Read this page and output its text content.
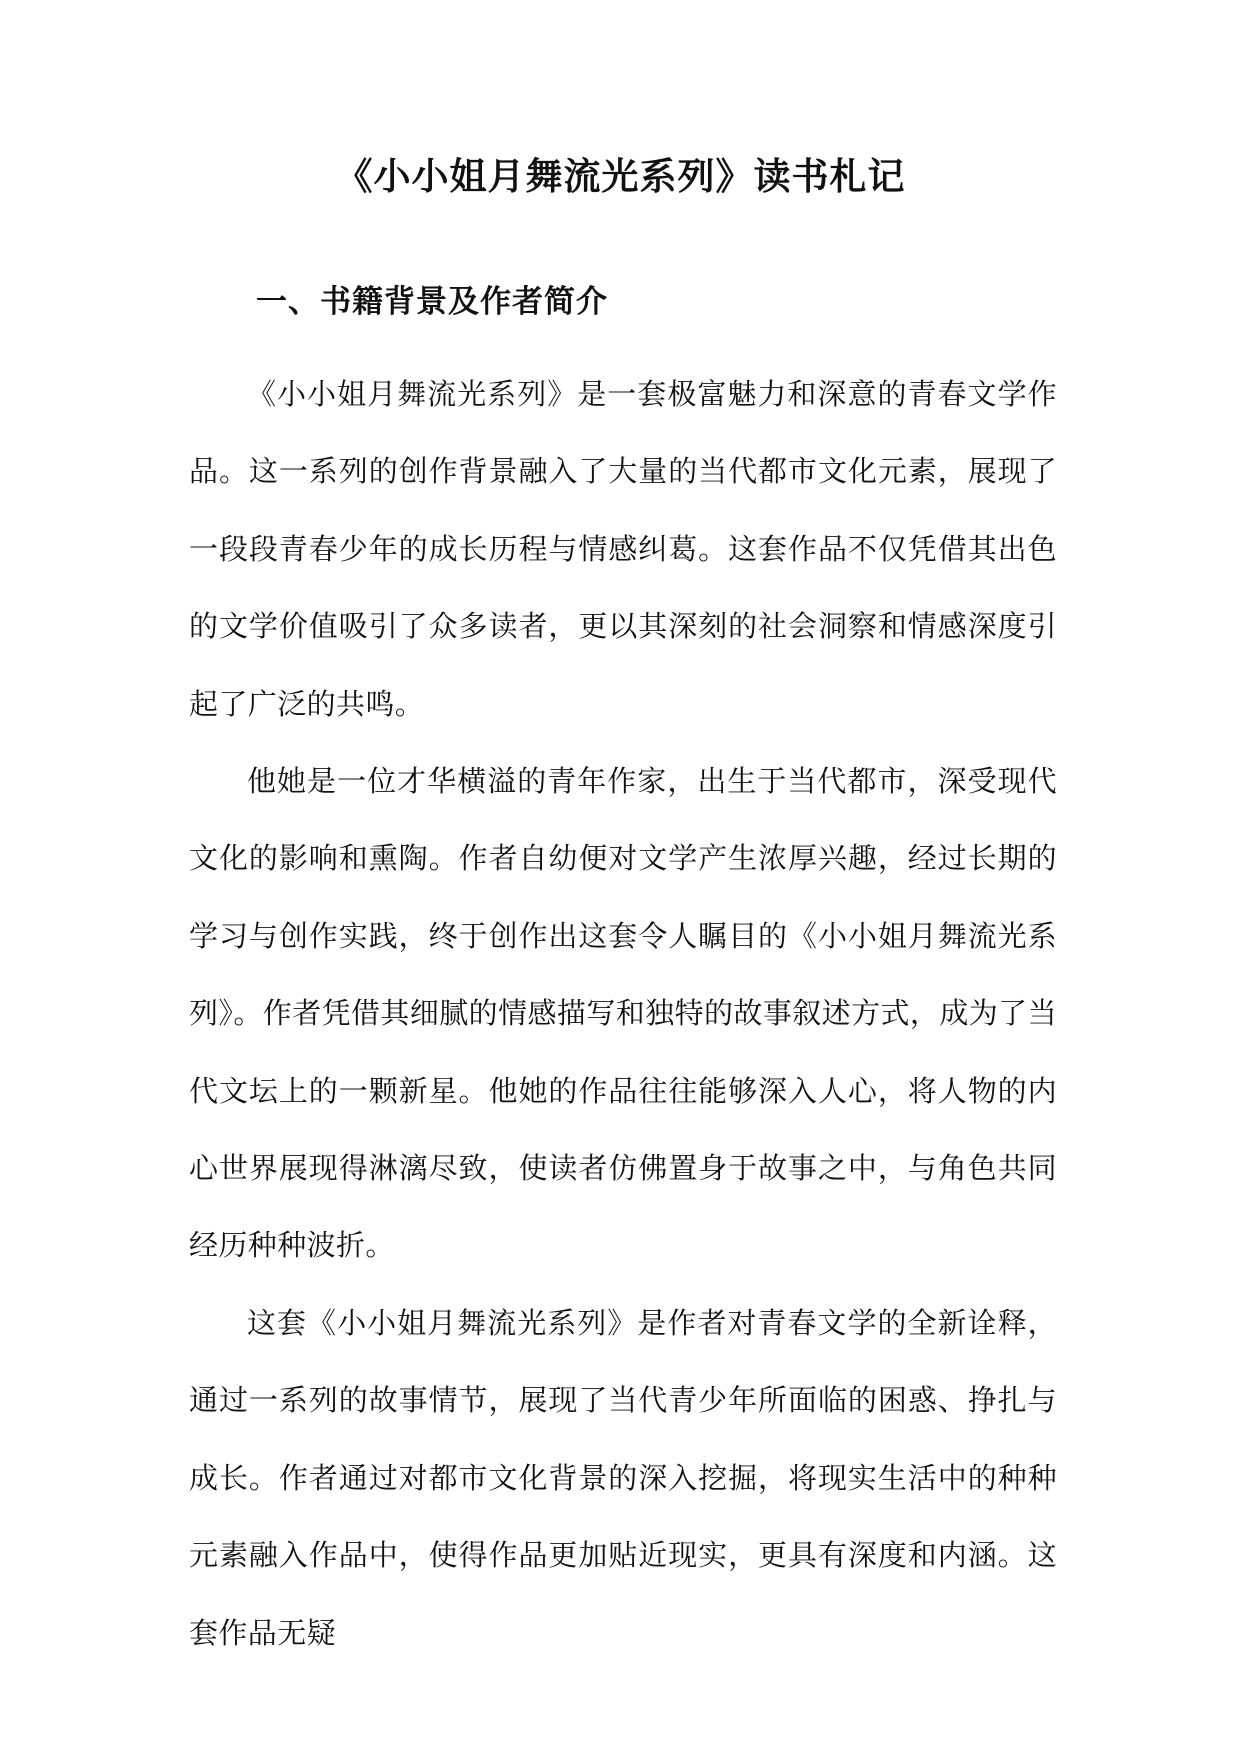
《小小姐月舞流光系列》读书札记
一、书籍背景及作者简介

《小小姐月舞流光系列》是一套极富魅力和深意的青春文学作品。这一系列的创作背景融入了大量的当代都市文化元素，展现了一段段青春少年的成长历程与情感纠葛。这套作品不仅凭借其出色的文学价值吸引了众多读者，更以其深刻的社会洞察和情感深度引起了广泛的共鸣。

他她是一位才华横溢的青年作家，出生于当代都市，深受现代文化的影响和熏陶。作者自幼便对文学产生浓厚兴趣，经过长期的学习与创作实践，终于创作出这套令人瞩目的《小小姐月舞流光系列》。作者凭借其细腻的情感描写和独特的故事叙述方式，成为了当代文坛上的一颗新星。他她的作品往往能够深入人心，将人物的内心世界展现得淋漓尽致，使读者仿佛置身于故事之中，与角色共同经历种种波折。

这套《小小姐月舞流光系列》是作者对青春文学的全新诠释，通过一系列的故事情节，展现了当代青少年所面临的困惑、挣扎与成长。作者通过对都市文化背景的深入挖掘，将现实生活中的种种元素融入作品中，使得作品更加贴近现实，更具有深度和内涵。这套作品无疑
